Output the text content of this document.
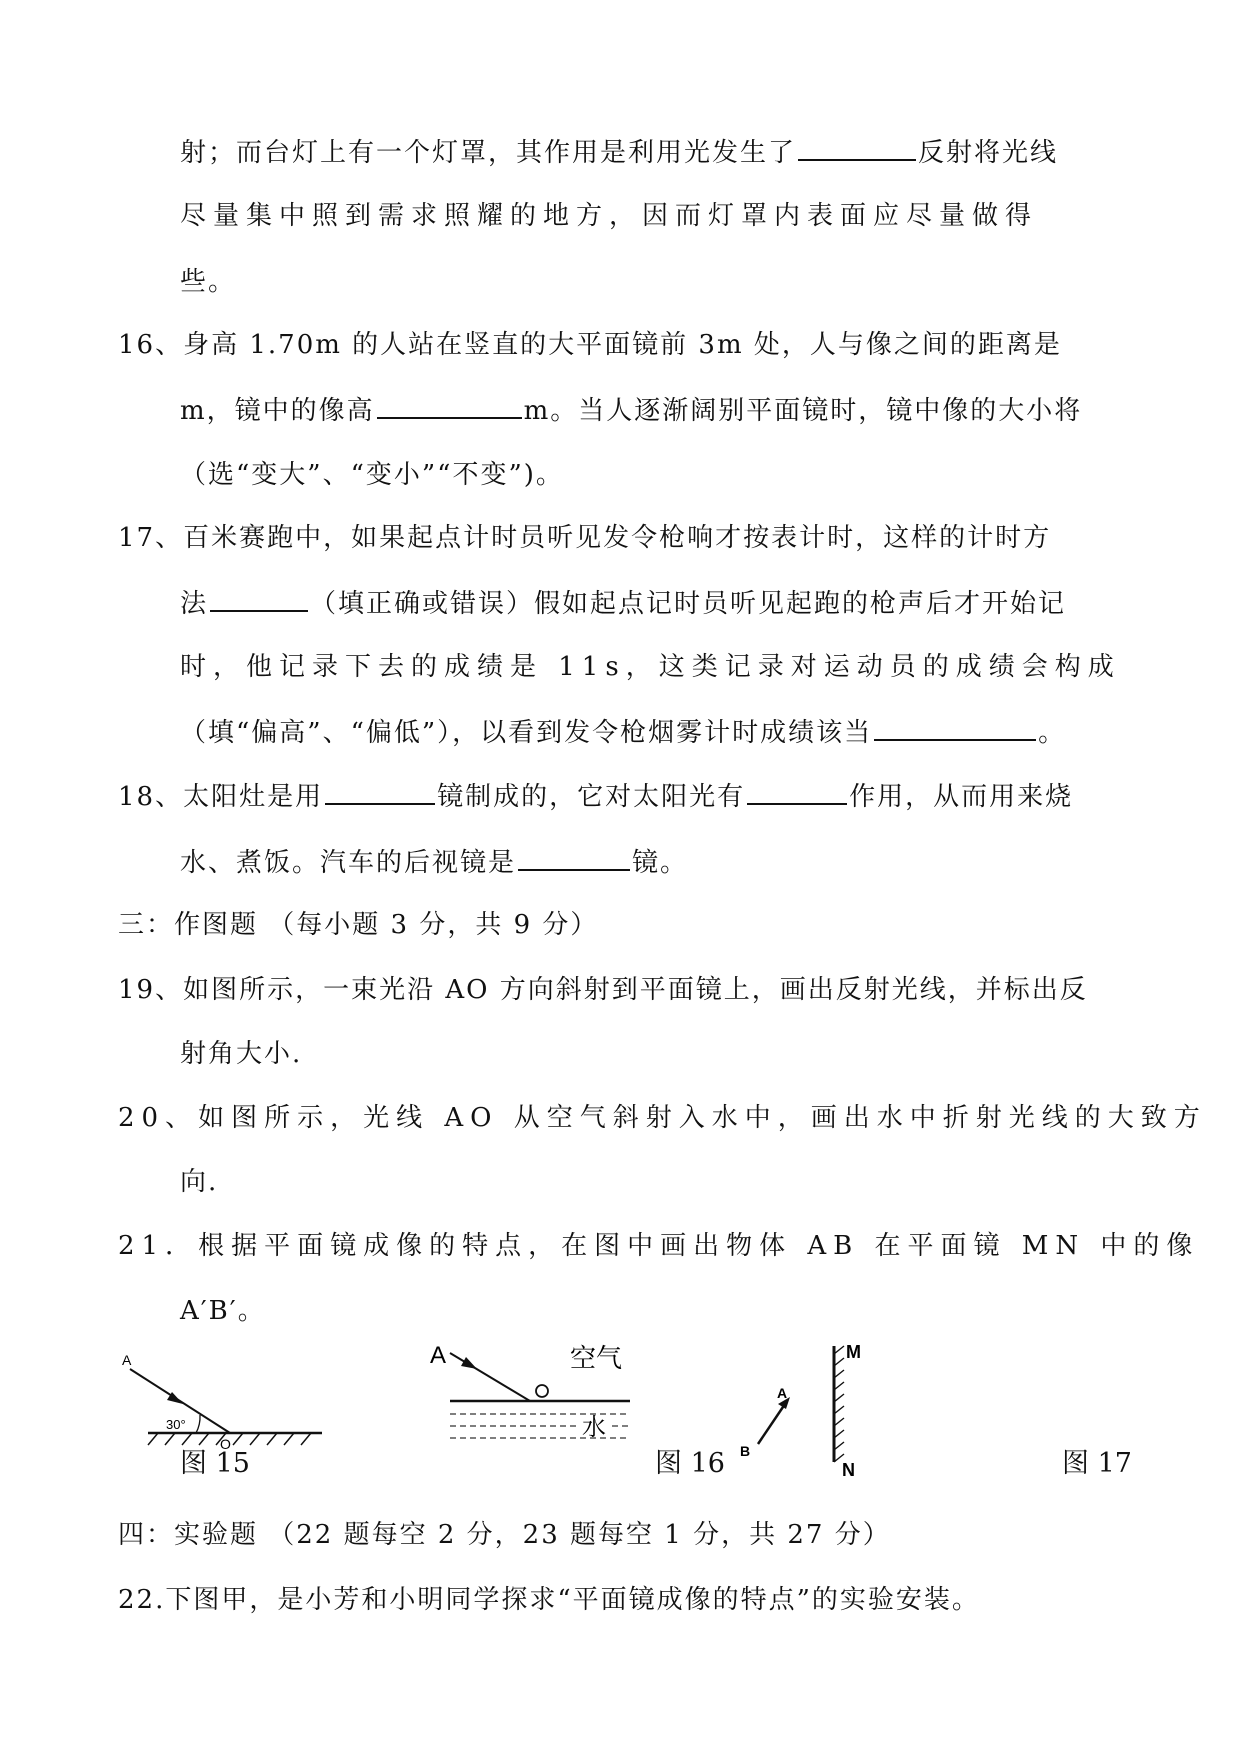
射；而台灯上有一个灯罩，其作用是利用光发生了	反射将光线
尽量集中照到需求照耀的地方，因而灯罩内表面应尽量做得
些。
16、身高 1.70m 的人站在竖直的大平面镜前 3m 处，人与像之间的距离是
m，镜中的像高	m。当人逐渐阔别平面镜时，镜中像的大小将
（选“变大”、“变小”“不变”)。
17、百米赛跑中，如果起点计时员听见发令枪响才按表计时，这样的计时方
法	（填正确或错误）假如起点记时员听见起跑的枪声后才开始记
时，他记录下去的成绩是 11s，这类记录对运动员的成绩会构成
（填“偏高”、“偏低”），以看到发令枪烟雾计时成绩该当	。
18、太阳灶是用	镜制成的，它对太阳光有	作用，从而用来烧
水、煮饭。汽车的后视镜是	镜。
三：作图题 （每小题 3 分，共 9 分）
19、如图所示，一束光沿 AO 方向斜射到平面镜上，画出反射光线，并标出反
射角大小.
20、如图所示，光线 AO 从空气斜射入水中，画出水中折射光线的大致方
向.
21．根据平面镜成像的特点，在图中画出物体 AB 在平面镜 MN 中的像
A′B′。
A
30°
O
图 15
A	空气
水
图 16
M
N
A
B	图 17
四：实验题 （22 题每空 2 分，23 题每空 1 分，共 27 分）
22.下图甲，是小芳和小明同学探求“平面镜成像的特点”的实验安装。
